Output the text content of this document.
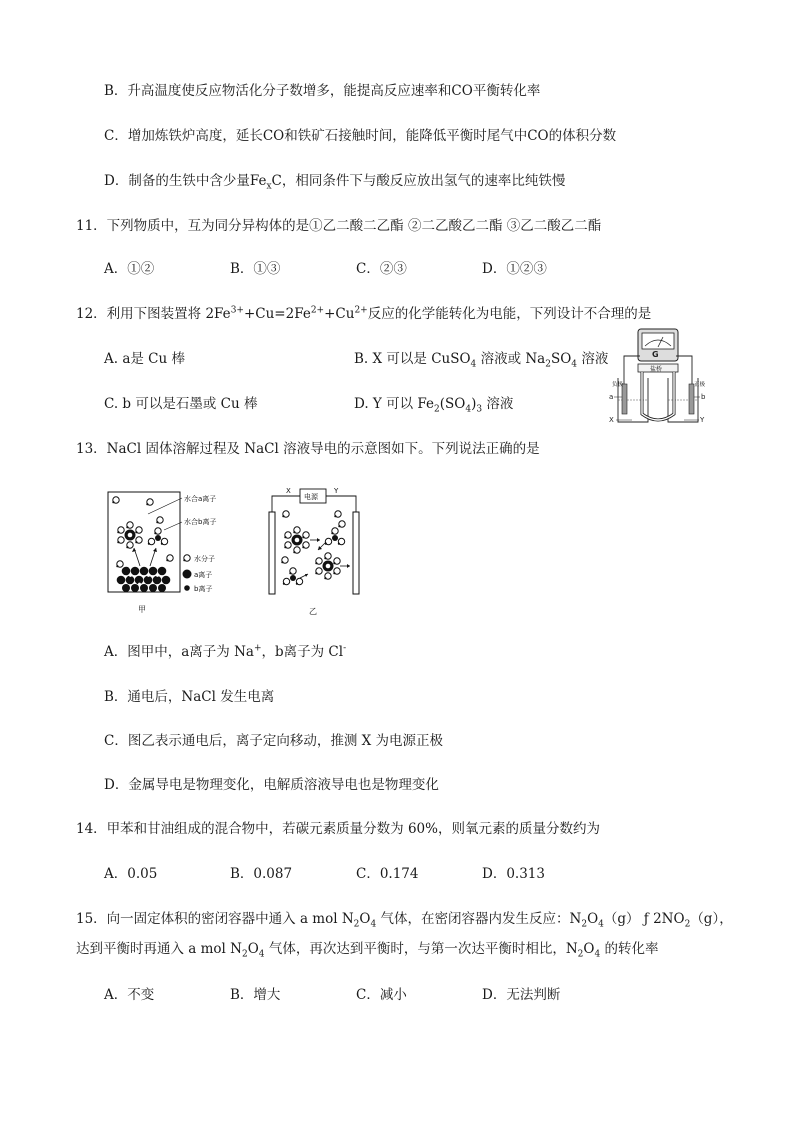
B．升高温度使反应物活化分子数增多，能提高反应速率和CO平衡转化率
C．增加炼铁炉高度，延长CO和铁矿石接触时间，能降低平衡时尾气中CO的体积分数
D．制备的生铁中含少量$Fe_xC$，相同条件下与酸反应放出氢气的速率比纯铁慢
11．下列物质中，互为同分异构体的是①乙二酸二乙酯 ②二乙酸乙二酯 ③乙二酸乙二酯
A．①②	B．①③	C．②③	D．①②③
12．利用下图装置将 $2Fe^{3+}+Cu=2Fe^{2+}+Cu^{2+}$反应的化学能转化为电能，下列设计不合理的是
A. a是 Cu 棒	B. X 可以是 CuSO$_4$ 溶液或 $Na_2SO_4$ 溶液
C. b 可以是石墨或 Cu 棒	D. Y 可以 $Fe_2(SO_4)_3$ 溶液
G
盐桥
负极	正极
a	b
X	Y
13．NaCl 固体溶解过程及 NaCl 溶液导电的示意图如下。下列说法正确的是
水合a离子
水合b离子
水分子
a离子
b离子
甲
电源
X	Y
乙
A．图甲中，a离子为 Na+，b离子为 Cl-
B．通电后，NaCl 发生电离
C．图乙表示通电后，离子定向移动，推测 X 为电源正极
D．金属导电是物理变化，电解质溶液导电也是物理变化
14．甲苯和甘油组成的混合物中，若碳元素质量分数为 60%，则氧元素的质量分数约为
A．0.05	B．0.087	C．0.174	D．0.313
15．向一固定体积的密闭容器中通入 a mol $N_2O_4$ 气体，在密闭容器内发生反应：$N_2O_4(g)$ ƒ $2NO_2(g)$，
达到平衡时再通入 a mol $N_2O_4$ 气体，再次达到平衡时，与第一次达平衡时相比，$N_2O_4$ 的转化率
A．不变	B．增大	C．减小	D．无法判断
